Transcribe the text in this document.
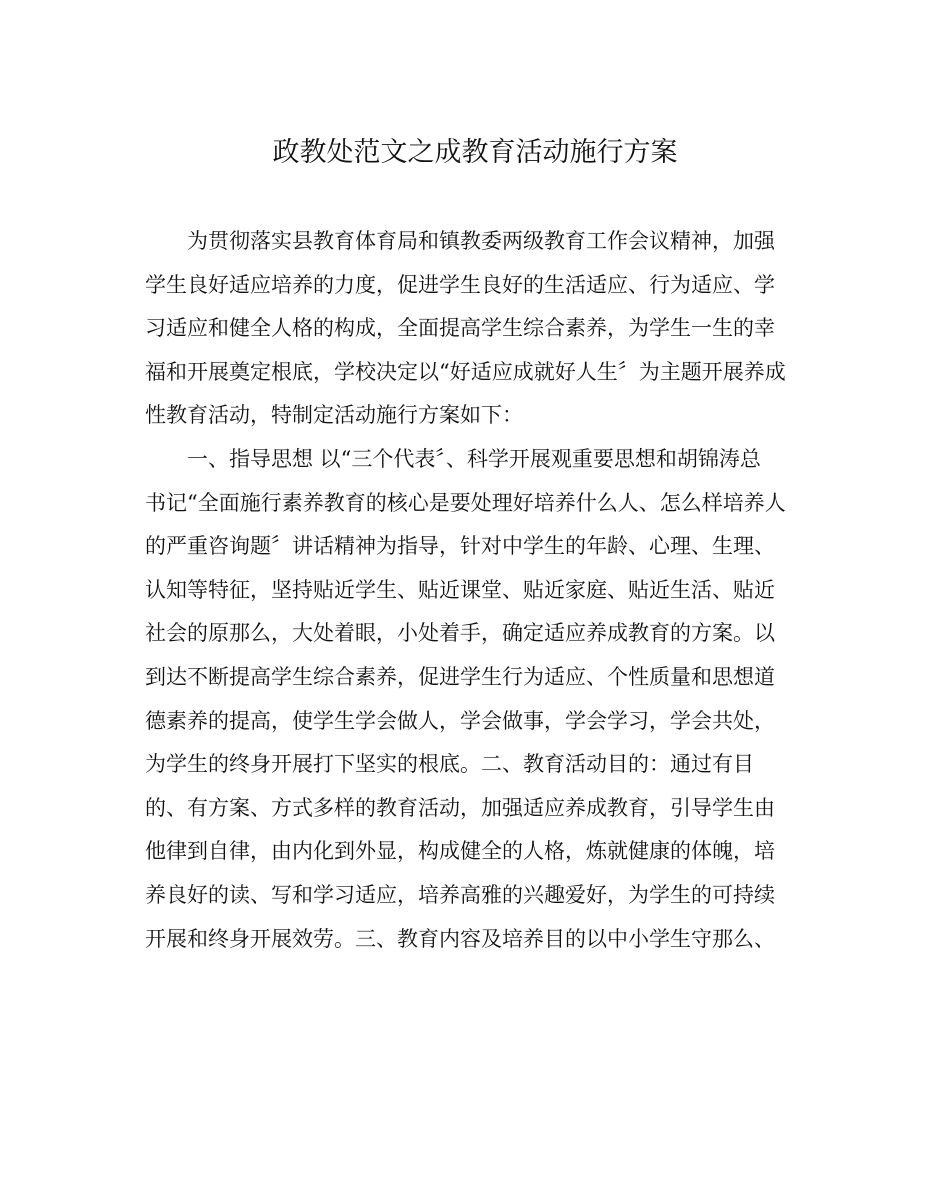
政教处范文之成教育活动施行方案
为贯彻落实县教育体育局和镇教委两级教育工作会议精神，加强
学生良好适应培养的力度，促进学生良好的生活适应、行为适应、学
习适应和健全人格的构成，全面提高学生综合素养，为学生一生的幸
福和开展奠定根底，学校决定以“好适应成就好人生〞为主题开展养成
性教育活动，特制定活动施行方案如下：
一、指导思想 以“三个代表〞、科学开展观重要思想和胡锦涛总
书记“全面施行素养教育的核心是要处理好培养什么人、怎么样培养人
的严重咨询题〞讲话精神为指导，针对中学生的年龄、心理、生理、
认知等特征，坚持贴近学生、贴近课堂、贴近家庭、贴近生活、贴近
社会的原那么，大处着眼，小处着手，确定适应养成教育的方案。以
到达不断提高学生综合素养，促进学生行为适应、个性质量和思想道
德素养的提高，使学生学会做人，学会做事，学会学习，学会共处，
为学生的终身开展打下坚实的根底。二、教育活动目的：通过有目
的、有方案、方式多样的教育活动，加强适应养成教育，引导学生由
他律到自律，由内化到外显，构成健全的人格，炼就健康的体魄，培
养良好的读、写和学习适应，培养高雅的兴趣爱好，为学生的可持续
开展和终身开展效劳。三、教育内容及培养目的以中小学生守那么、
